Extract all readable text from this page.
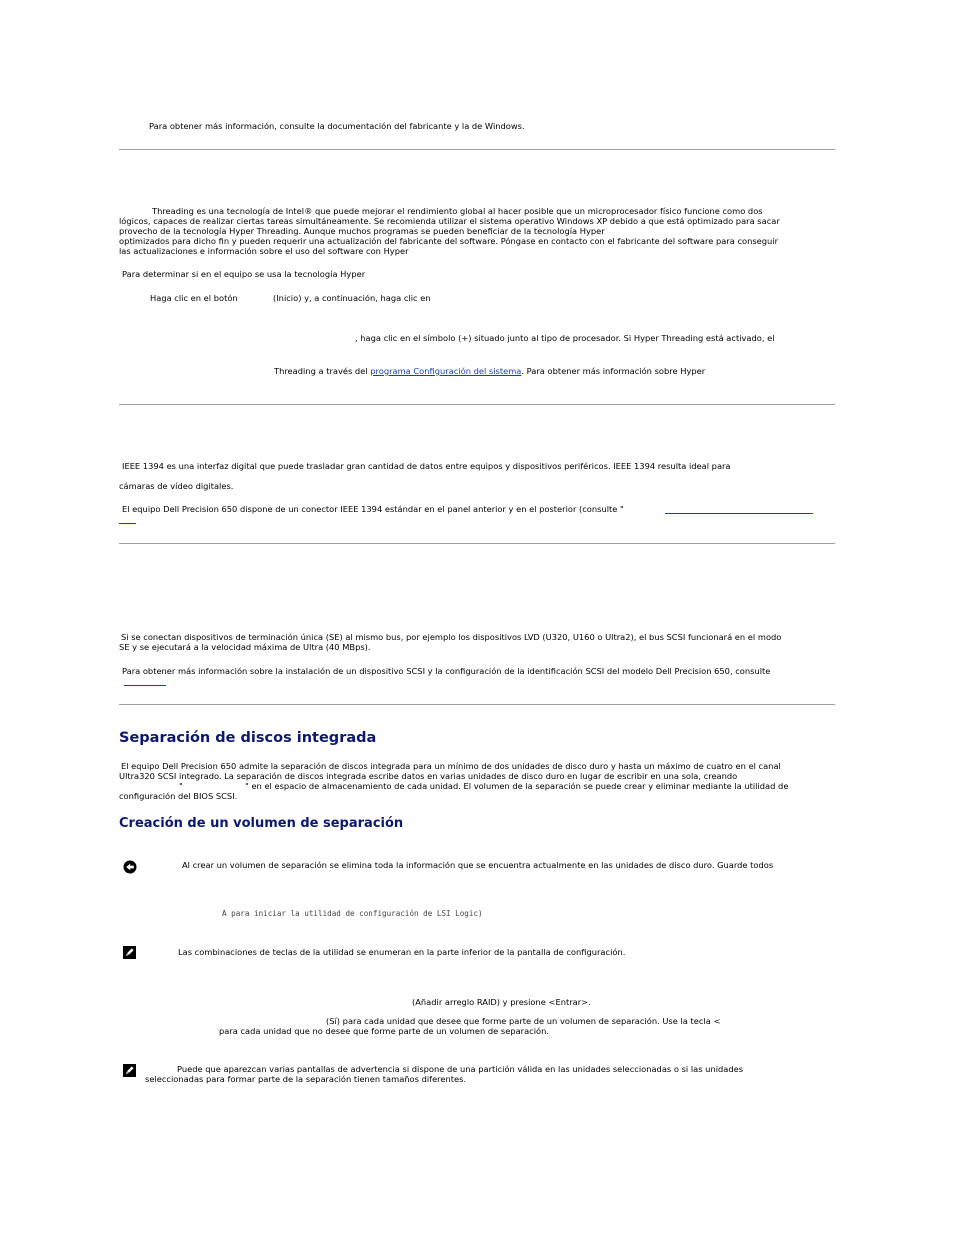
Para obtener más información, consulte la documentación del fabricante y la de Windows.
Threading es una tecnología de Intel® que puede mejorar el rendimiento global al hacer posible que un microprocesador físico funcione como dos
lógicos, capaces de realizar ciertas tareas simultáneamente. Se recomienda utilizar el sistema operativo Windows XP debido a que está optimizado para sacar
provecho de la tecnología Hyper Threading. Aunque muchos programas se pueden beneficiar de la tecnología Hyper
optimizados para dicho fin y pueden requerir una actualización del fabricante del software. Póngase en contacto con el fabricante del software para conseguir
las actualizaciones e información sobre el uso del software con Hyper
Para determinar si en el equipo se usa la tecnología Hyper
Haga clic en el botón	(Inicio) y, a continuación, haga clic en
, haga clic en el símbolo (+) situado junto al tipo de procesador. Si Hyper Threading está activado, el
Threading a través del programa Configuración del sistema. Para obtener más información sobre Hyper
IEEE 1394 es una interfaz digital que puede trasladar gran cantidad de datos entre equipos y dispositivos periféricos. IEEE 1394 resulta ideal para
cámaras de vídeo digitales.
El equipo Dell Precision 650 dispone de un conector IEEE 1394 estándar en el panel anterior y en el posterior (consulte "
Si se conectan dispositivos de terminación única (SE) al mismo bus, por ejemplo los dispositivos LVD (U320, U160 o Ultra2), el bus SCSI funcionará en el modo
SE y se ejecutará a la velocidad máxima de Ultra (40 MBps).
Para obtener más información sobre la instalación de un dispositivo SCSI y la configuración de la identificación SCSI del modelo Dell Precision 650, consulte
Separación de discos integrada
El equipo Dell Precision 650 admite la separación de discos integrada para un mínimo de dos unidades de disco duro y hasta un máximo de cuatro en el canal
Ultra320 SCSI integrado. La separación de discos integrada escribe datos en varias unidades de disco duro en lugar de escribir en una sola, creando
"	" en el espacio de almacenamiento de cada unidad. El volumen de la separación se puede crear y eliminar mediante la utilidad de
configuración del BIOS SCSI.
Creación de un volumen de separación
Al crear un volumen de separación se elimina toda la información que se encuentra actualmente en las unidades de disco duro. Guarde todos
A para iniciar la utilidad de configuración de LSI Logic)
Las combinaciones de teclas de la utilidad se enumeran en la parte inferior de la pantalla de configuración.
(Añadir arreglo RAID) y presione <Entrar>.
(Sí) para cada unidad que desee que forme parte de un volumen de separación. Use la tecla <
para cada unidad que no desee que forme parte de un volumen de separación.
Puede que aparezcan varias pantallas de advertencia si dispone de una partición válida en las unidades seleccionadas o si las unidades
seleccionadas para formar parte de la separación tienen tamaños diferentes.
